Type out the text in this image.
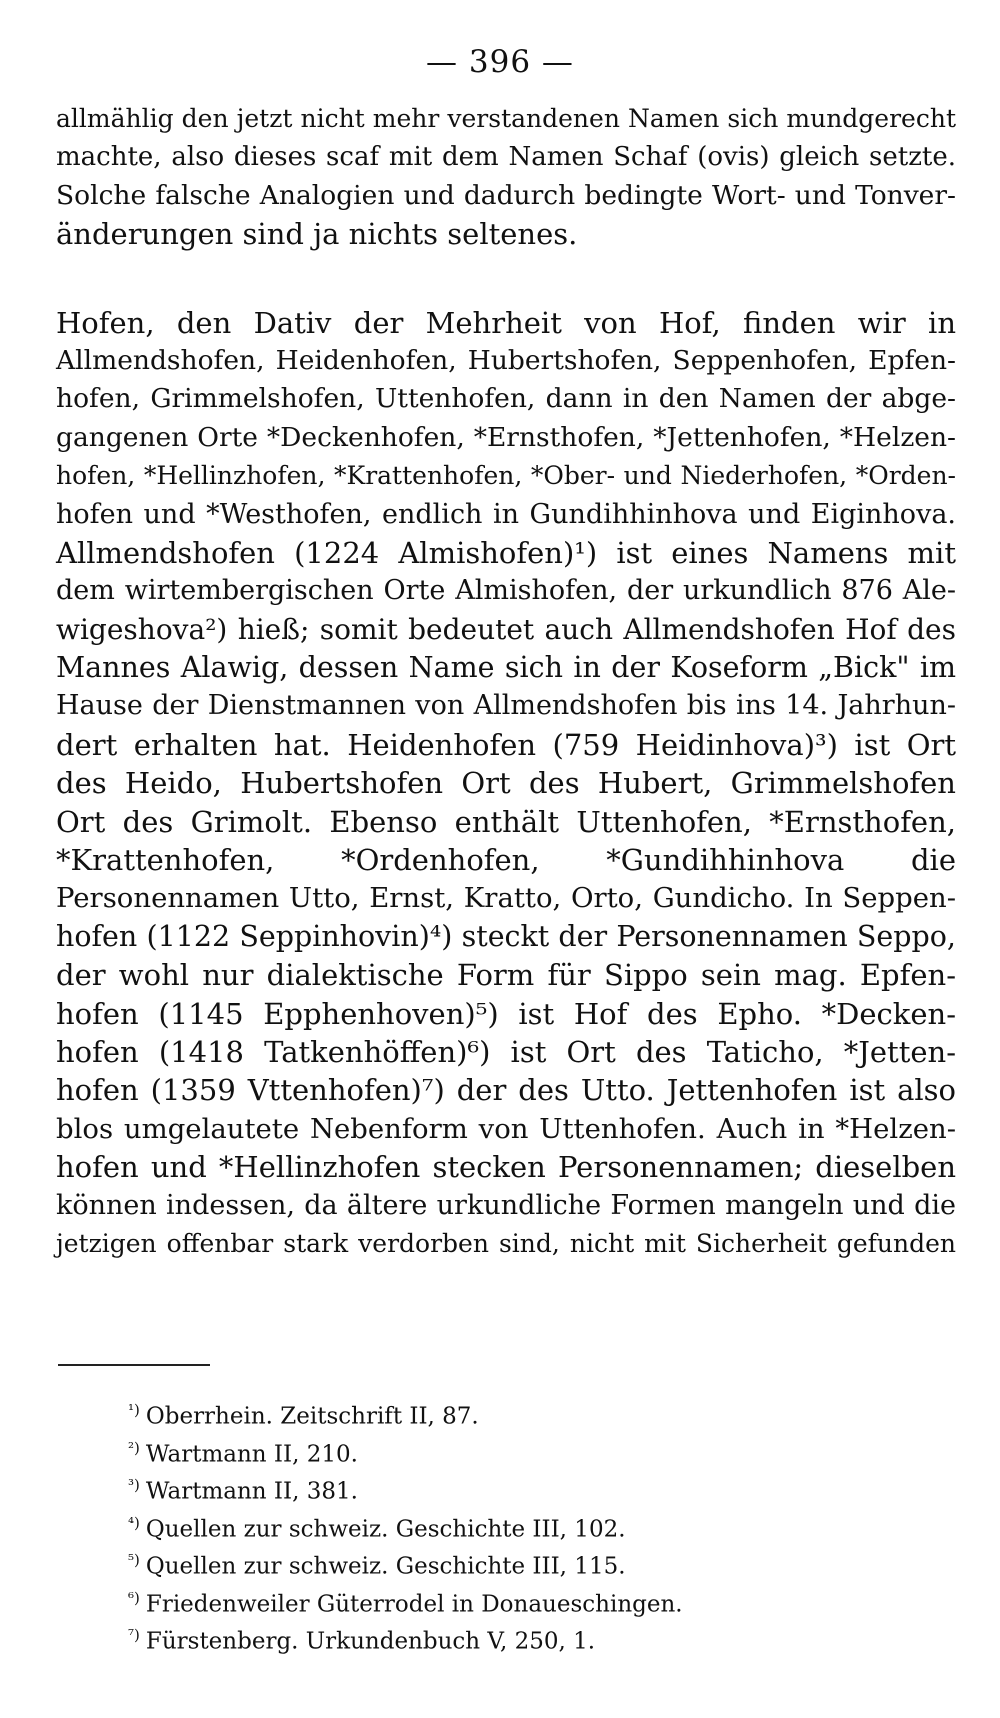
— 396 —
allmählig den jetzt nicht mehr verstandenen Namen sich mundgerecht
machte, also dieses scaf mit dem Namen Schaf (ovis) gleich setzte.
Solche falsche Analogien und dadurch bedingte Wort- und Tonver-
änderungen sind ja nichts seltenes.
Hofen, den Dativ der Mehrheit von Hof, finden wir in
Allmendshofen, Heidenhofen, Hubertshofen, Seppenhofen, Epfen-
hofen, Grimmelshofen, Uttenhofen, dann in den Namen der abge-
gangenen Orte *Deckenhofen, *Ernsthofen, *Jettenhofen, *Helzen-
hofen, *Hellinzhofen, *Krattenhofen, *Ober- und Niederhofen, *Orden-
hofen und *Westhofen, endlich in Gundihhinhova und Eiginhova.
Allmendshofen (1224 Almishofen)¹) ist eines Namens mit
dem wirtembergischen Orte Almishofen, der urkundlich 876 Ale-
wigeshova²) hieß; somit bedeutet auch Allmendshofen Hof des
Mannes Alawig, dessen Name sich in der Koseform „Bick" im
Hause der Dienstmannen von Allmendshofen bis ins 14. Jahrhun-
dert erhalten hat. Heidenhofen (759 Heidinhova)³) ist Ort
des Heido, Hubertshofen Ort des Hubert, Grimmelshofen
Ort des Grimolt. Ebenso enthält Uttenhofen, *Ernsthofen,
*Krattenhofen, *Ordenhofen, *Gundihhinhova die
Personennamen Utto, Ernst, Kratto, Orto, Gundicho. In Seppen-
hofen (1122 Seppinhovin)⁴) steckt der Personennamen Seppo,
der wohl nur dialektische Form für Sippo sein mag. Epfen-
hofen (1145 Epphenhoven)⁵) ist Hof des Epho. *Decken-
hofen (1418 Tatkenhöffen)⁶) ist Ort des Taticho, *Jetten-
hofen (1359 Vttenhofen)⁷) der des Utto. Jettenhofen ist also
blos umgelautete Nebenform von Uttenhofen. Auch in *Helzen-
hofen und *Hellinzhofen stecken Personennamen; dieselben
können indessen, da ältere urkundliche Formen mangeln und die
jetzigen offenbar stark verdorben sind, nicht mit Sicherheit gefunden
$^{^1)}$ Oberrhein. Zeitschrift II, 87.
$^{^2)}$ Wartmann II, 210.
$^{^3)}$ Wartmann II, 381.
$^{^4)}$ Quellen zur schweiz. Geschichte III, 102.
$^{^5)}$ Quellen zur schweiz. Geschichte III, 115.
$^{^6)}$ Friedenweiler Güterrodel in Donaueschingen.
$^{^7)}$ Fürstenberg. Urkundenbuch V, 250, 1.
